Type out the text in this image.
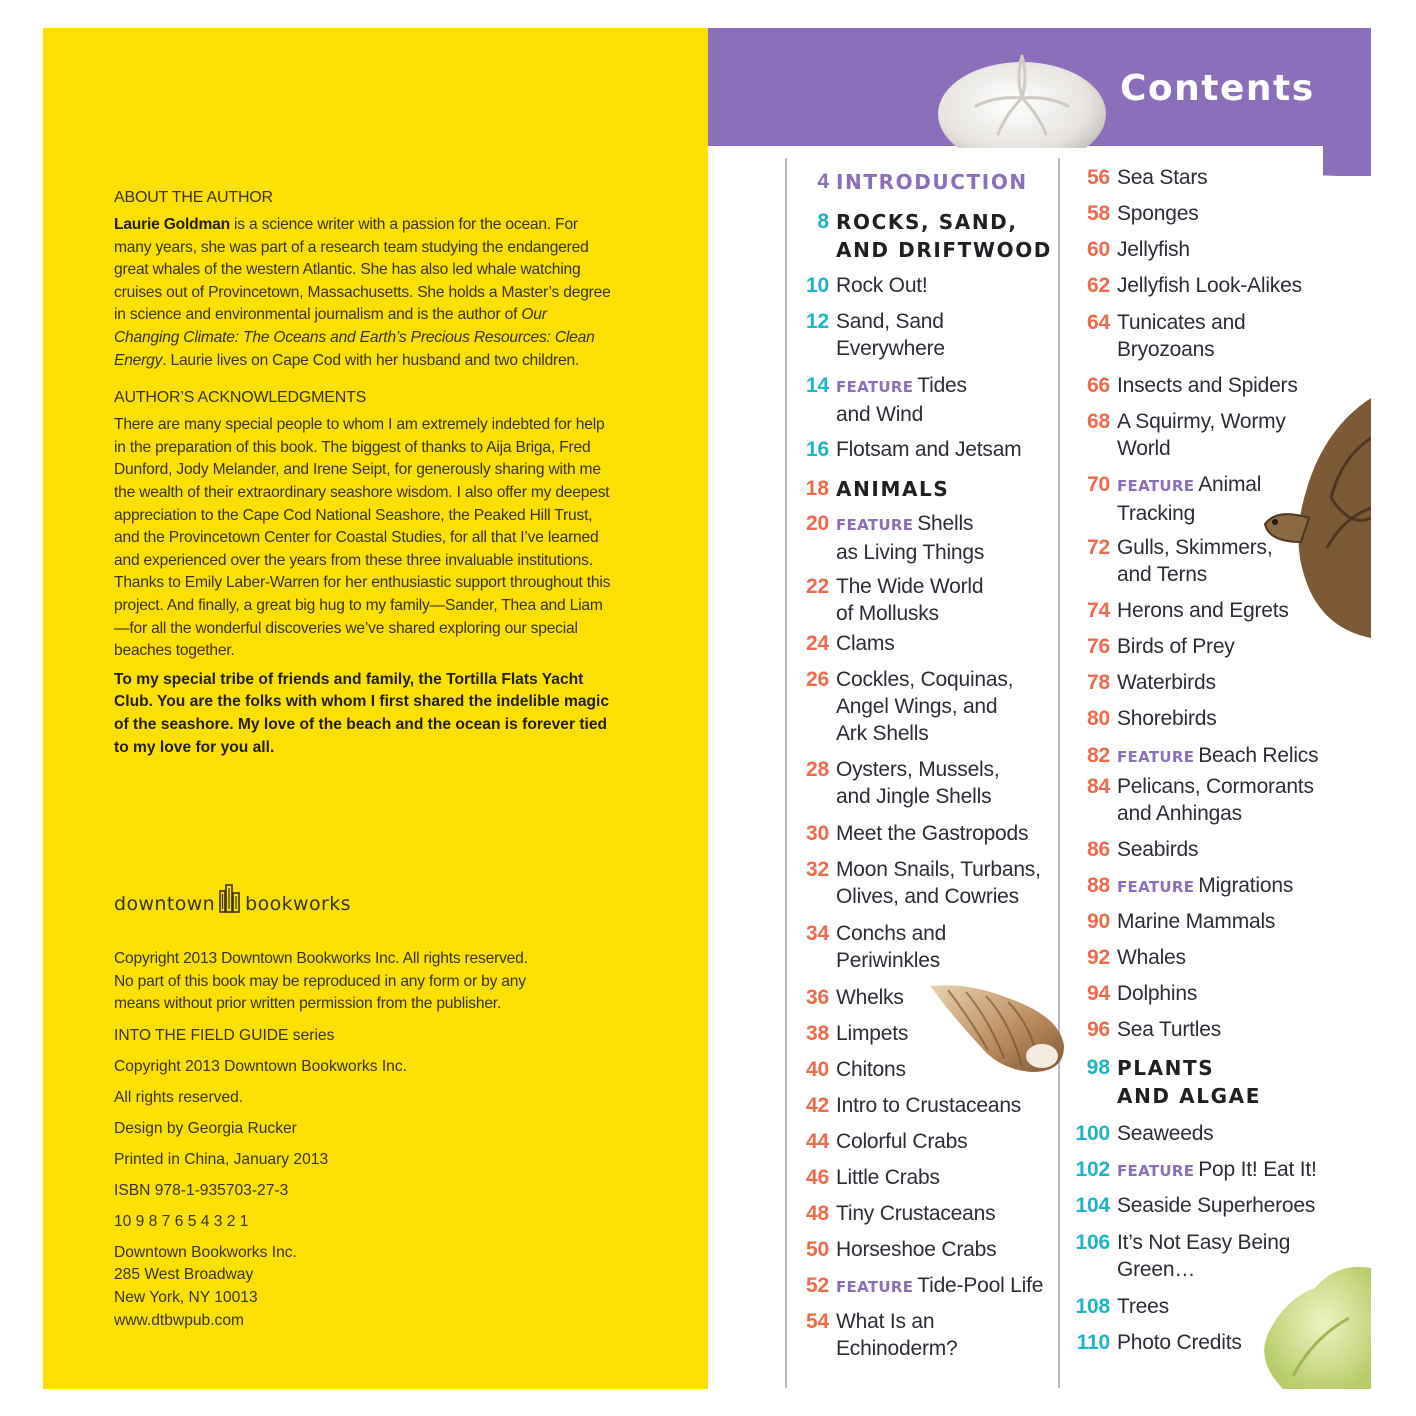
ABOUT THE AUTHOR

Laurie Goldman is a science writer with a passion for the ocean. For many years, she was part of a research team studying the endangered great whales of the western Atlantic. She has also led whale watching cruises out of Provincetown, Massachusetts. She holds a Master’s degree in science and environmental journalism and is the author of Our Changing Climate: The Oceans and Earth’s Precious Resources: Clean Energy. Laurie lives on Cape Cod with her husband and two children.

AUTHOR’S ACKNOWLEDGMENTS

There are many special people to whom I am extremely indebted for help in the preparation of this book. The biggest of thanks to Aija Briga, Fred Dunford, Jody Melander, and Irene Seipt, for generously sharing with me the wealth of their extraordinary seashore wisdom. I also offer my deepest appreciation to the Cape Cod National Seashore, the Peaked Hill Trust, and the Provincetown Center for Coastal Studies, for all that I’ve learned and experienced over the years from these three invaluable institutions. Thanks to Emily Laber-Warren for her enthusiastic support throughout this project. And finally, a great big hug to my family—Sander, Thea and Liam—for all the wonderful discoveries we’ve shared exploring our special beaches together.

To my special tribe of friends and family, the Tortilla Flats Yacht Club. You are the folks with whom I first shared the indelible magic of the seashore. My love of the beach and the ocean is forever tied to my love for you all.

downtown bookworks

Copyright 2013 Downtown Bookworks Inc. All rights reserved. No part of this book may be reproduced in any form or by any means without prior written permission from the publisher.

INTO THE FIELD GUIDE series

Copyright 2013 Downtown Bookworks Inc.

All rights reserved.

Design by Georgia Rucker

Printed in China, January 2013

ISBN 978-1-935703-27-3

10 9 8 7 6 5 4 3 2 1

Downtown Bookworks Inc.

285 West Broadway

New York, NY 10013

www.dtbwpub.com

Contents
4 INTRODUCTION
8 ROCKS, SAND,
AND DRIFTWOOD
10 Rock Out!
12 Sand, Sand
Everywhere
14 FEATURE Tides
and Wind
16 Flotsam and Jetsam
18 ANIMALS
20 FEATURE Shells
as Living Things
22 The Wide World
of Mollusks
24 Clams
26 Cockles, Coquinas,
Angel Wings, and
Ark Shells
28 Oysters, Mussels,
and Jingle Shells
30 Meet the Gastropods
32 Moon Snails, Turbans,
Olives, and Cowries
34 Conchs and
Periwinkles
36 Whelks
38 Limpets
40 Chitons
42 Intro to Crustaceans
44 Colorful Crabs
46 Little Crabs
48 Tiny Crustaceans
50 Horseshoe Crabs
52 FEATURE Tide-Pool Life
54 What Is an
Echinoderm?
56 Sea Stars
58 Sponges
60 Jellyfish
62 Jellyfish Look-Alikes
64 Tunicates and
Bryozoans
66 Insects and Spiders
68 A Squirmy, Wormy
World
70 FEATURE Animal
Tracking
72 Gulls, Skimmers,
and Terns
74 Herons and Egrets
76 Birds of Prey
78 Waterbirds
80 Shorebirds
82 FEATURE Beach Relics
84 Pelicans, Cormorants
and Anhingas
86 Seabirds
88 FEATURE Migrations
90 Marine Mammals
92 Whales
94 Dolphins
96 Sea Turtles
98 PLANTS
AND ALGAE
100 Seaweeds
102 FEATURE Pop It! Eat It!
104 Seaside Superheroes
106 It’s Not Easy Being
Green…
108 Trees
110 Photo Credits
